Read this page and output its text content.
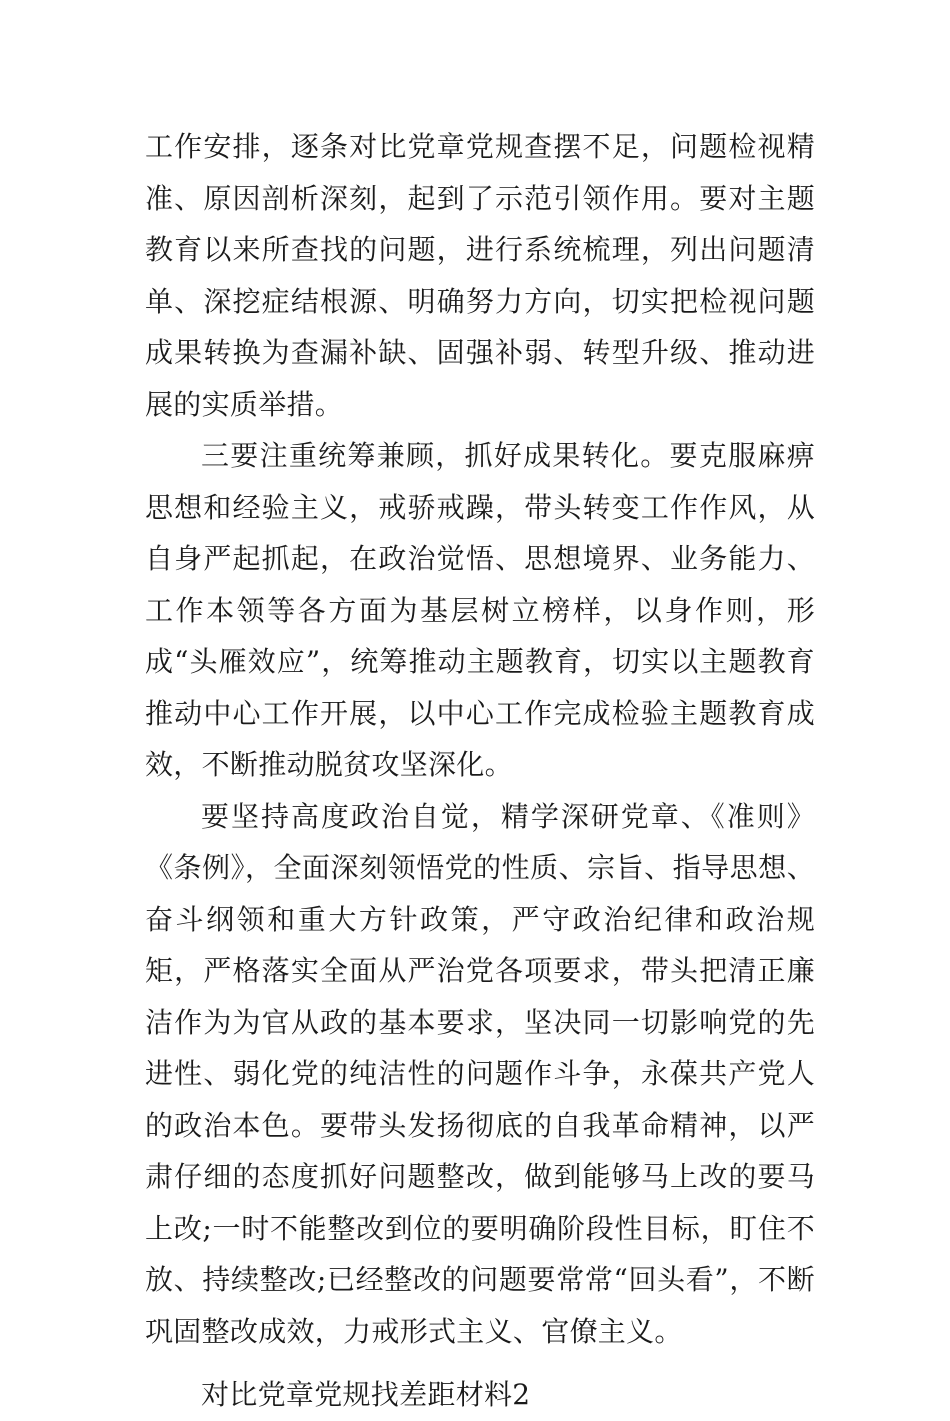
工作安排，逐条对比党章党规查摆不足，问题检视精准、原因剖析深刻，起到了示范引领作用。要对主题教育以来所查找的问题，进行系统梳理，列出问题清单、深挖症结根源、明确努力方向，切实把检视问题成果转换为查漏补缺、固强补弱、转型升级、推动进展的实质举措。

三要注重统筹兼顾，抓好成果转化。要克服麻痹思想和经验主义，戒骄戒躁，带头转变工作作风，从自身严起抓起，在政治觉悟、思想境界、业务能力、工作本领等各方面为基层树立榜样，以身作则，形成“头雁效应”，统筹推动主题教育，切实以主题教育推动中心工作开展，以中心工作完成检验主题教育成效，不断推动脱贫攻坚深化。

要坚持高度政治自觉，精学深研党章、《准则》《条例》，全面深刻领悟党的性质、宗旨、指导思想、奋斗纲领和重大方针政策，严守政治纪律和政治规矩，严格落实全面从严治党各项要求，带头把清正廉洁作为为官从政的基本要求，坚决同一切影响党的先进性、弱化党的纯洁性的问题作斗争，永葆共产党人的政治本色。要带头发扬彻底的自我革命精神，以严肃仔细的态度抓好问题整改，做到能够马上改的要马上改;一时不能整改到位的要明确阶段性目标，盯住不放、持续整改;已经整改的问题要常常“回头看”，不断巩固整改成效，力戒形式主义、官僚主义。

对比党章党规找差距材料2
